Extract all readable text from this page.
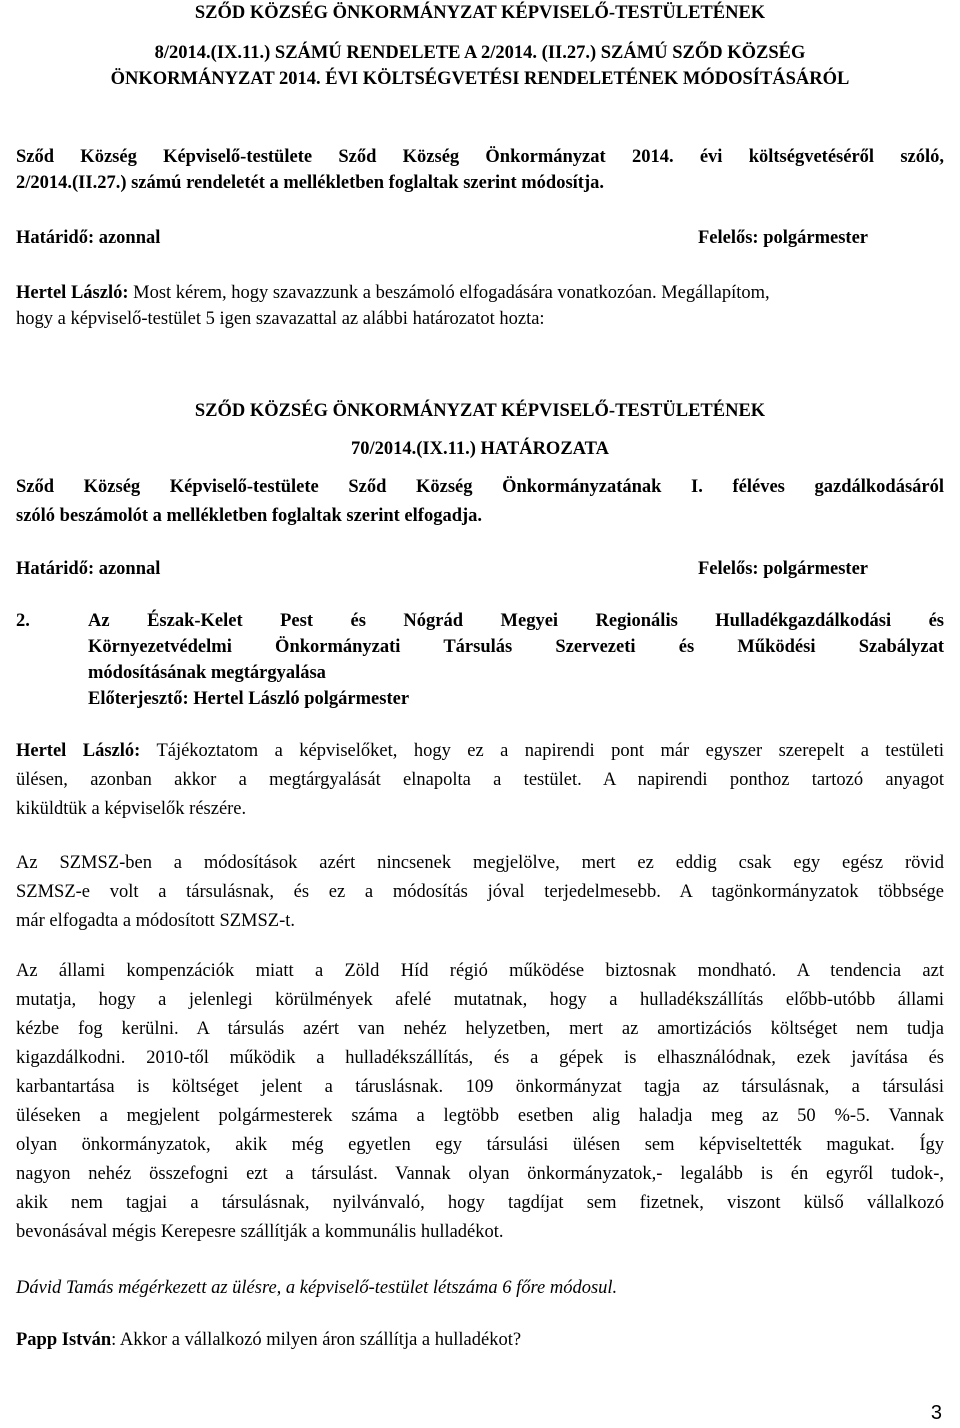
SZŐD KÖZSÉG ÖNKORMÁNYZAT KÉPVISELŐ-TESTÜLETÉNEK

8/2014.(IX.11.) SZÁMÚ RENDELETE A 2/2014. (II.27.) SZÁMÚ SZŐD KÖZSÉG

ÖNKORMÁNYZAT 2014. ÉVI KÖLTSÉGVETÉSI RENDELETÉNEK MÓDOSÍTÁSÁRÓL

Sződ Község Képviselő-testülete Sződ Község Önkormányzat 2014. évi költségvetéséről szóló,

2/2014.(II.27.) számú rendeletét a mellékletben foglaltak szerint módosítja.

Határidő: azonnal	Felelős: polgármester

Hertel László: Most kérem, hogy szavazzunk a beszámoló elfogadására vonatkozóan. Megállapítom,

hogy a képviselő-testület 5 igen szavazattal az alábbi határozatot hozta:

SZŐD KÖZSÉG ÖNKORMÁNYZAT KÉPVISELŐ-TESTÜLETÉNEK

70/2014.(IX.11.) HATÁROZATA

Sződ Község Képviselő-testülete Sződ Község Önkormányzatának I. féléves gazdálkodásáról

szóló beszámolót a mellékletben foglaltak szerint elfogadja.

Határidő: azonnal	Felelős: polgármester

2.	Az Észak-Kelet Pest és Nógrád Megyei Regionális Hulladékgazdálkodási és

Környezetvédelmi Önkormányzati Társulás Szervezeti és Működési Szabályzat

módosításának megtárgyalása

Előterjesztő: Hertel László polgármester

Hertel László: Tájékoztatom a képviselőket, hogy ez a napirendi pont már egyszer szerepelt a testületi

ülésen, azonban akkor a megtárgyalását elnapolta a testület. A napirendi ponthoz tartozó anyagot

kiküldtük a képviselők részére.

Az SZMSZ-ben a módosítások azért nincsenek megjelölve, mert ez eddig csak egy egész rövid

SZMSZ-e volt a társulásnak, és ez a módosítás jóval terjedelmesebb. A tagönkormányzatok többsége

már elfogadta a módosított SZMSZ-t.

Az állami kompenzációk miatt a Zöld Híd régió működése biztosnak mondható. A tendencia azt

mutatja, hogy a jelenlegi körülmények afelé mutatnak, hogy a hulladékszállítás előbb-utóbb állami

kézbe fog kerülni. A társulás azért van nehéz helyzetben, mert az amortizációs költséget nem tudja

kigazdálkodni. 2010-től működik a hulladékszállítás, és a gépek is elhasználódnak, ezek javítása és

karbantartása is költséget jelent a táruslásnak. 109 önkormányzat tagja az társulásnak, a társulási

üléseken a megjelent polgármesterek száma a legtöbb esetben alig haladja meg az 50 %-5. Vannak

olyan önkormányzatok, akik még egyetlen egy társulási ülésen sem képviseltették magukat. Így

nagyon nehéz összefogni ezt a társulást. Vannak olyan önkormányzatok,- legalább is én egyről tudok-,

akik nem tagjai a társulásnak, nyilvánvaló, hogy tagdíjat sem fizetnek, viszont külső vállalkozó

bevonásával mégis Kerepesre szállítják a kommunális hulladékot.

Dávid Tamás mégérkezett az ülésre, a képviselő-testület létszáma 6 főre módosul.

Papp István: Akkor a vállalkozó milyen áron szállítja a hulladékot?

3
